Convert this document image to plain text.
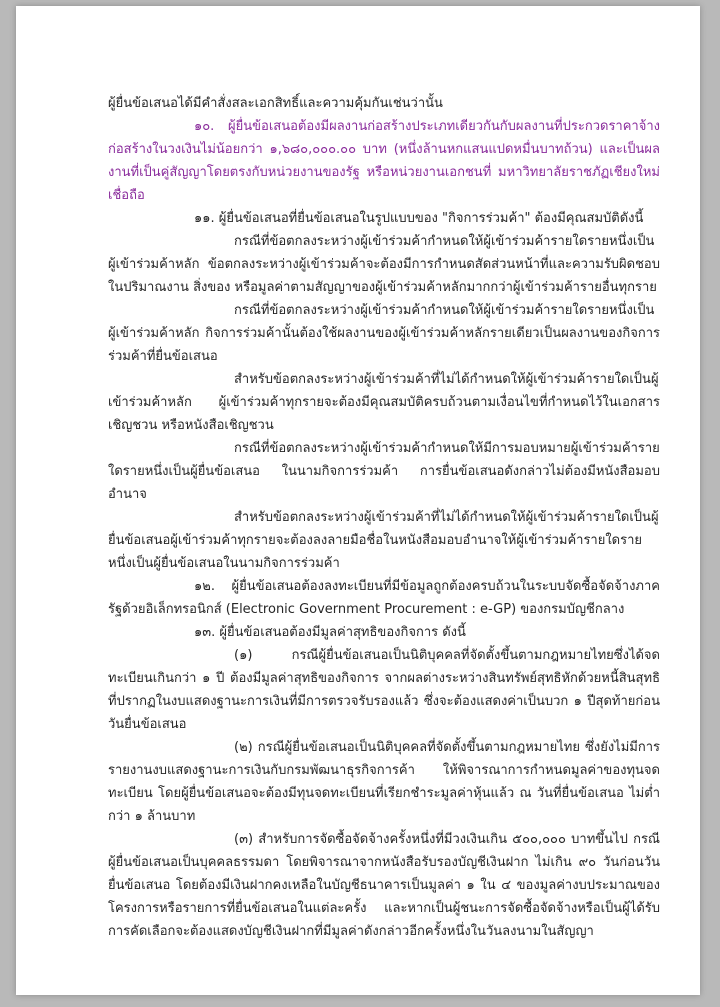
ผู้ยื่นข้อเสนอได้มีคำสั่งสละเอกสิทธิ์และความคุ้มกันเช่นว่านั้น

๑๐. ผู้ยื่นข้อเสนอต้องมีผลงานก่อสร้างประเภทเดียวกันกับผลงานที่ประกวดราคาจ้างก่อสร้างในวงเงินไม่น้อยกว่า ๑,๖๘๐,๐๐๐.๐๐ บาท (หนึ่งล้านหกแสนแปดหมื่นบาทถ้วน) และเป็นผลงานที่เป็นคู่สัญญาโดยตรงกับหน่วยงานของรัฐ หรือหน่วยงานเอกชนที่ มหาวิทยาลัยราชภัฏเชียงใหม่ เชื่อถือ

๑๑. ผู้ยื่นข้อเสนอที่ยื่นข้อเสนอในรูปแบบของ "กิจการร่วมค้า" ต้องมีคุณสมบัติดังนี้

กรณีที่ข้อตกลงระหว่างผู้เข้าร่วมค้ากำหนดให้ผู้เข้าร่วมค้ารายใดรายหนึ่งเป็นผู้เข้าร่วมค้าหลัก ข้อตกลงระหว่างผู้เข้าร่วมค้าจะต้องมีการกำหนดสัดส่วนหน้าที่และความรับผิดชอบในปริมาณงาน สิ่งของ หรือมูลค่าตามสัญญาของผู้เข้าร่วมค้าหลักมากกว่าผู้เข้าร่วมค้ารายอื่นทุกราย

กรณีที่ข้อตกลงระหว่างผู้เข้าร่วมค้ากำหนดให้ผู้เข้าร่วมค้ารายใดรายหนึ่งเป็นผู้เข้าร่วมค้าหลัก กิจการร่วมค้านั้นต้องใช้ผลงานของผู้เข้าร่วมค้าหลักรายเดียวเป็นผลงานของกิจการร่วมค้าที่ยื่นข้อเสนอ

สำหรับข้อตกลงระหว่างผู้เข้าร่วมค้าที่ไม่ได้กำหนดให้ผู้เข้าร่วมค้ารายใดเป็นผู้เข้าร่วมค้าหลัก ผู้เข้าร่วมค้าทุกรายจะต้องมีคุณสมบัติครบถ้วนตามเงื่อนไขที่กำหนดไว้ในเอกสารเชิญชวน หรือหนังสือเชิญชวน

กรณีที่ข้อตกลงระหว่างผู้เข้าร่วมค้ากำหนดให้มีการมอบหมายผู้เข้าร่วมค้ารายใดรายหนึ่งเป็นผู้ยื่นข้อเสนอ ในนามกิจการร่วมค้า การยื่นข้อเสนอดังกล่าวไม่ต้องมีหนังสือมอบอำนาจ

สำหรับข้อตกลงระหว่างผู้เข้าร่วมค้าที่ไม่ได้กำหนดให้ผู้เข้าร่วมค้ารายใดเป็นผู้ยื่นข้อเสนอผู้เข้าร่วมค้าทุกรายจะต้องลงลายมือชื่อในหนังสือมอบอำนาจให้ผู้เข้าร่วมค้ารายใดรายหนึ่งเป็นผู้ยื่นข้อเสนอในนามกิจการร่วมค้า

๑๒. ผู้ยื่นข้อเสนอต้องลงทะเบียนที่มีข้อมูลถูกต้องครบถ้วนในระบบจัดซื้อจัดจ้างภาครัฐด้วยอิเล็กทรอนิกส์ (Electronic Government Procurement : e-GP) ของกรมบัญชีกลาง

๑๓. ผู้ยื่นข้อเสนอต้องมีมูลค่าสุทธิของกิจการ ดังนี้

(๑) กรณีผู้ยื่นข้อเสนอเป็นนิติบุคคลที่จัดตั้งขึ้นตามกฎหมายไทยซึ่งได้จดทะเบียนเกินกว่า ๑ ปี ต้องมีมูลค่าสุทธิของกิจการ จากผลต่างระหว่างสินทรัพย์สุทธิหักด้วยหนี้สินสุทธิ ที่ปรากฏในงบแสดงฐานะการเงินที่มีการตรวจรับรองแล้ว ซึ่งจะต้องแสดงค่าเป็นบวก ๑ ปีสุดท้ายก่อนวันยื่นข้อเสนอ

(๒) กรณีผู้ยื่นข้อเสนอเป็นนิติบุคคลที่จัดตั้งขึ้นตามกฎหมายไทย ซึ่งยังไม่มีการรายงานงบแสดงฐานะการเงินกับกรมพัฒนาธุรกิจการค้า ให้พิจารณาการกำหนดมูลค่าของทุนจดทะเบียน โดยผู้ยื่นข้อเสนอจะต้องมีทุนจดทะเบียนที่เรียกชำระมูลค่าหุ้นแล้ว ณ วันที่ยื่นข้อเสนอ ไม่ต่ำกว่า ๑ ล้านบาท

(๓) สำหรับการจัดซื้อจัดจ้างครั้งหนึ่งที่มีวงเงินเกิน ๕๐๐,๐๐๐ บาทขึ้นไป กรณีผู้ยื่นข้อเสนอเป็นบุคคลธรรมดา โดยพิจารณาจากหนังสือรับรองบัญชีเงินฝาก ไม่เกิน ๙๐ วันก่อนวันยื่นข้อเสนอ โดยต้องมีเงินฝากคงเหลือในบัญชีธนาคารเป็นมูลค่า ๑ ใน ๔ ของมูลค่างบประมาณของโครงการหรือรายการที่ยื่นข้อเสนอในแต่ละครั้ง และหากเป็นผู้ชนะการจัดซื้อจัดจ้างหรือเป็นผู้ได้รับการคัดเลือกจะต้องแสดงบัญชีเงินฝากที่มีมูลค่าดังกล่าวอีกครั้งหนึ่งในวันลงนามในสัญญา
